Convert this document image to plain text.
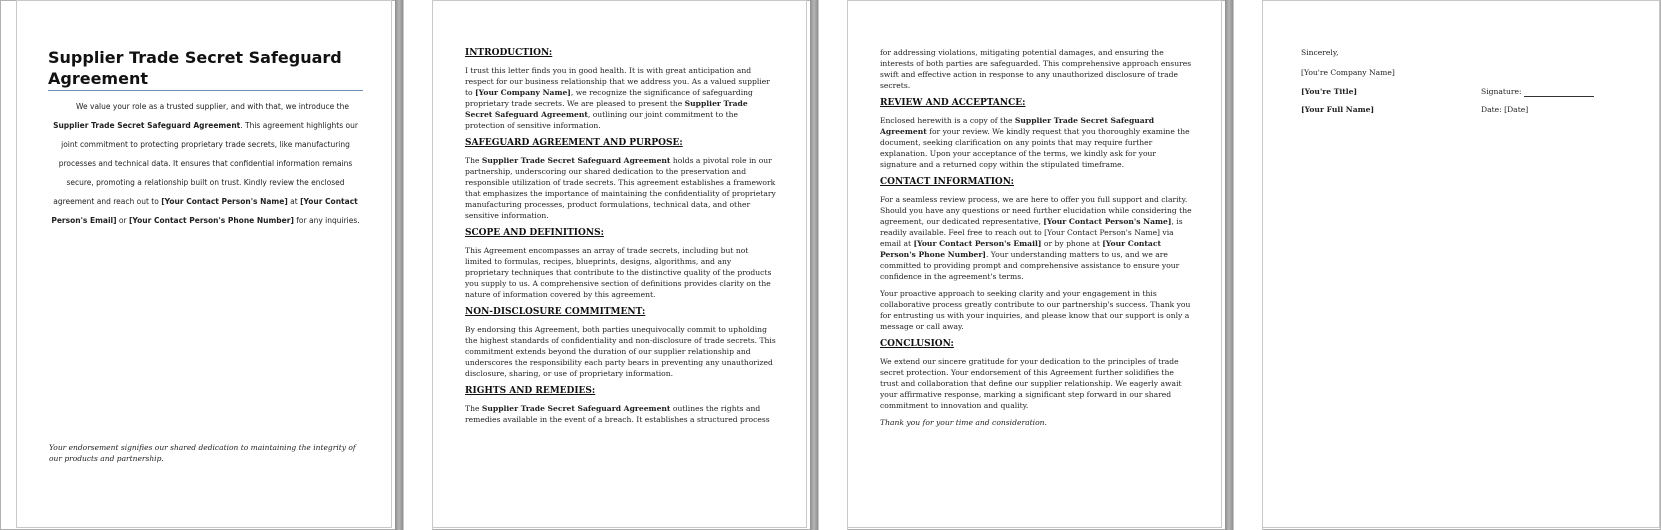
Supplier Trade Secret Safeguard Agreement
We value your role as a trusted supplier, and with that, we introduce the Supplier Trade Secret Safeguard Agreement. This agreement highlights our joint commitment to protecting proprietary trade secrets, like manufacturing processes and technical data. It ensures that confidential information remains secure, promoting a relationship built on trust. Kindly review the enclosed agreement and reach out to [Your Contact Person's Name] at [Your Contact Person's Email] or [Your Contact Person's Phone Number] for any inquiries.
Your endorsement signifies our shared dedication to maintaining the integrity of our products and partnership.
INTRODUCTION:

I trust this letter finds you in good health. It is with great anticipation and respect for our business relationship that we address you. As a valued supplier to [Your Company Name], we recognize the significance of safeguarding proprietary trade secrets. We are pleased to present the Supplier Trade Secret Safeguard Agreement, outlining our joint commitment to the protection of sensitive information.

SAFEGUARD AGREEMENT AND PURPOSE:

The Supplier Trade Secret Safeguard Agreement holds a pivotal role in our partnership, underscoring our shared dedication to the preservation and responsible utilization of trade secrets. This agreement establishes a framework that emphasizes the importance of maintaining the confidentiality of proprietary manufacturing processes, product formulations, technical data, and other sensitive information.

SCOPE AND DEFINITIONS:

This Agreement encompasses an array of trade secrets, including but not limited to formulas, recipes, blueprints, designs, algorithms, and any proprietary techniques that contribute to the distinctive quality of the products you supply to us. A comprehensive section of definitions provides clarity on the nature of information covered by this agreement.

NON-DISCLOSURE COMMITMENT:

By endorsing this Agreement, both parties unequivocally commit to upholding the highest standards of confidentiality and non-disclosure of trade secrets. This commitment extends beyond the duration of our supplier relationship and underscores the responsibility each party bears in preventing any unauthorized disclosure, sharing, or use of proprietary information.

RIGHTS AND REMEDIES:

The Supplier Trade Secret Safeguard Agreement outlines the rights and remedies available in the event of a breach. It establishes a structured process

for addressing violations, mitigating potential damages, and ensuring the interests of both parties are safeguarded. This comprehensive approach ensures swift and effective action in response to any unauthorized disclosure of trade secrets.

REVIEW AND ACCEPTANCE:

Enclosed herewith is a copy of the Supplier Trade Secret Safeguard Agreement for your review. We kindly request that you thoroughly examine the document, seeking clarification on any points that may require further explanation. Upon your acceptance of the terms, we kindly ask for your signature and a returned copy within the stipulated timeframe.

CONTACT INFORMATION:

For a seamless review process, we are here to offer you full support and clarity. Should you have any questions or need further elucidation while considering the agreement, our dedicated representative, [Your Contact Person's Name], is readily available. Feel free to reach out to [Your Contact Person's Name] via email at [Your Contact Person's Email] or by phone at [Your Contact Person's Phone Number]. Your understanding matters to us, and we are committed to providing prompt and comprehensive assistance to ensure your confidence in the agreement's terms.

Your proactive approach to seeking clarity and your engagement in this collaborative process greatly contribute to our partnership's success. Thank you for entrusting us with your inquiries, and please know that our support is only a message or call away.

CONCLUSION:

We extend our sincere gratitude for your dedication to the principles of trade secret protection. Your endorsement of this Agreement further solidifies the trust and collaboration that define our supplier relationship. We eagerly await your affirmative response, marking a significant step forward in our shared commitment to innovation and quality.

Thank you for your time and consideration.

Sincerely,

[You're Company Name]

[You're Title]	Signature:
[Your Full Name]	Date: [Date]
